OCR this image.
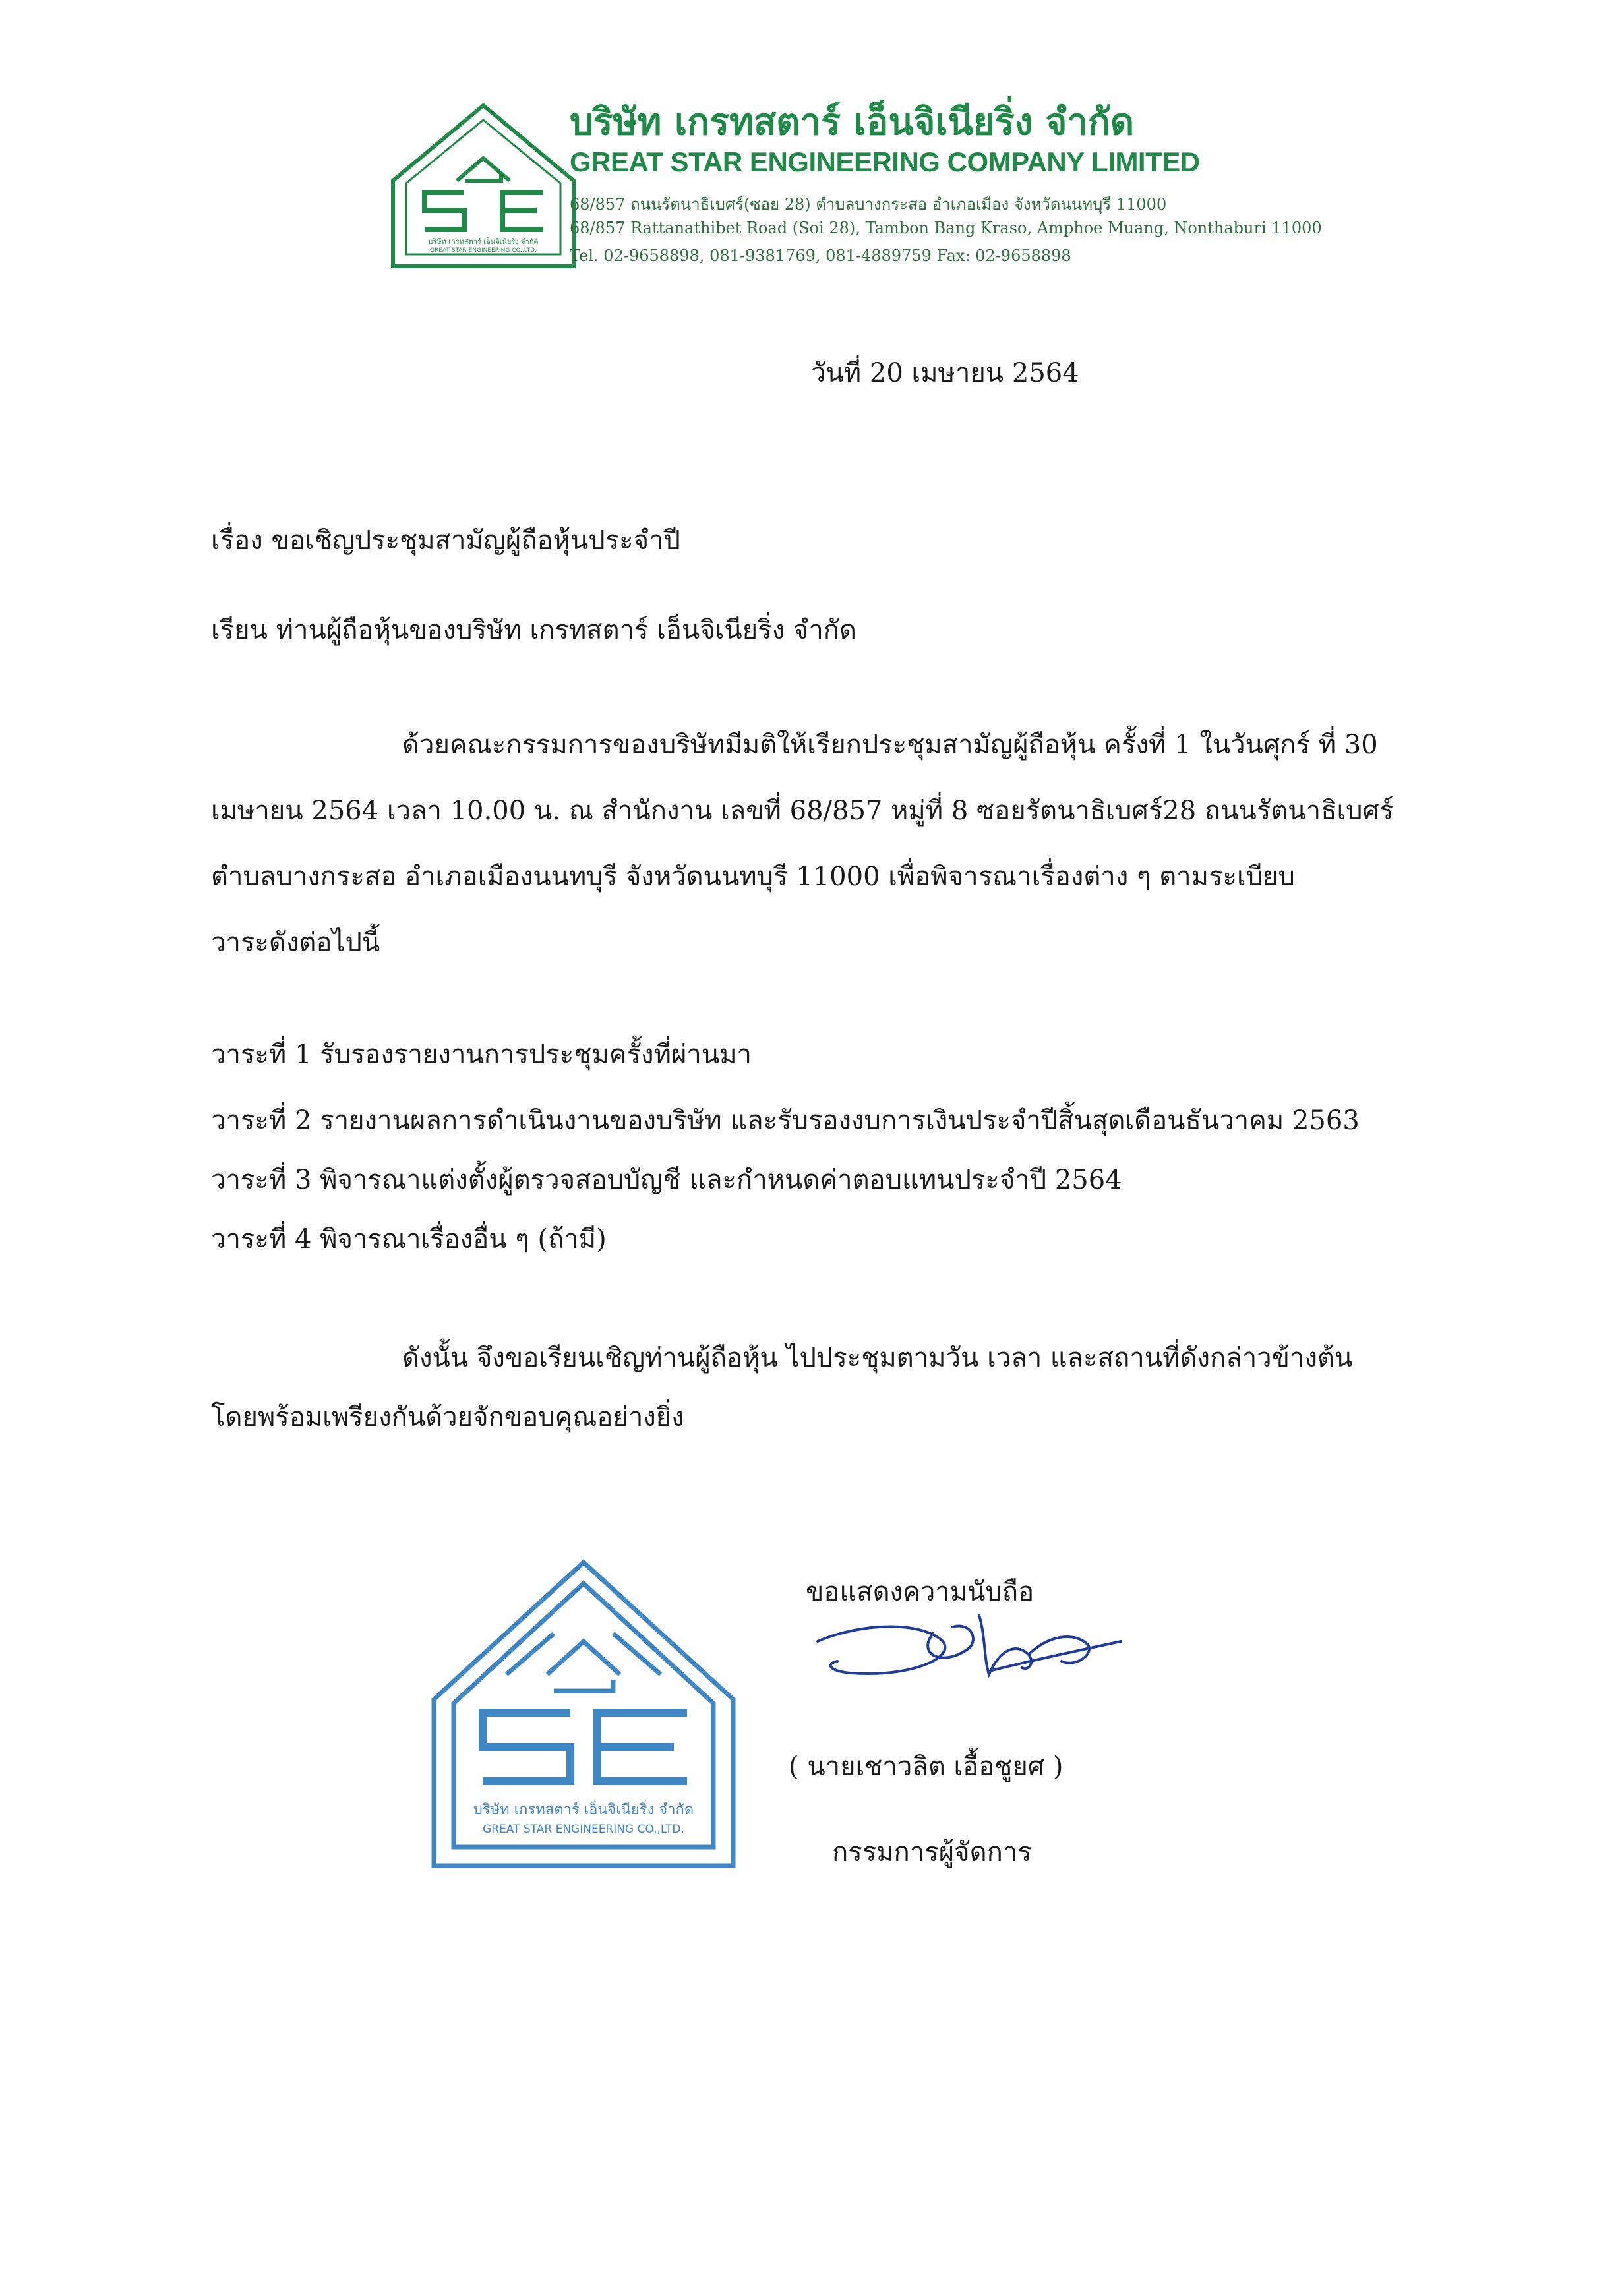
บริษัท เกรทสตาร์ เอ็นจิเนียริ่ง จำกัด
GREAT STAR ENGINEERING CO.,LTD.
บริษัท เกรทสตาร์ เอ็นจิเนียริ่ง จำกัด
GREAT STAR ENGINEERING COMPANY LIMITED
68/857 ถนนรัตนาธิเบศร์(ซอย 28) ตำบลบางกระสอ อำเภอเมือง จังหวัดนนทบุรี 11000
68/857 Rattanathibet Road (Soi 28), Tambon Bang Kraso, Amphoe Muang, Nonthaburi 11000
Tel. 02-9658898, 081-9381769, 081-4889759 Fax: 02-9658898
วันที่ 20 เมษายน 2564
เรื่อง ขอเชิญประชุมสามัญผู้ถือหุ้นประจำปี
เรียน ท่านผู้ถือหุ้นของบริษัท เกรทสตาร์ เอ็นจิเนียริ่ง จำกัด
ด้วยคณะกรรมการของบริษัทมีมติให้เรียกประชุมสามัญผู้ถือหุ้น ครั้งที่ 1 ในวันศุกร์ ที่ 30
เมษายน 2564 เวลา 10.00 น. ณ สำนักงาน เลขที่ 68/857 หมู่ที่ 8 ซอยรัตนาธิเบศร์28 ถนนรัตนาธิเบศร์
ตำบลบางกระสอ อำเภอเมืองนนทบุรี จังหวัดนนทบุรี 11000 เพื่อพิจารณาเรื่องต่าง ๆ ตามระเบียบ
วาระดังต่อไปนี้
วาระที่ 1 รับรองรายงานการประชุมครั้งที่ผ่านมา
วาระที่ 2 รายงานผลการดำเนินงานของบริษัท และรับรองงบการเงินประจำปีสิ้นสุดเดือนธันวาคม 2563
วาระที่ 3 พิจารณาแต่งตั้งผู้ตรวจสอบบัญชี และกำหนดค่าตอบแทนประจำปี 2564
วาระที่ 4 พิจารณาเรื่องอื่น ๆ (ถ้ามี)
ดังนั้น จึงขอเรียนเชิญท่านผู้ถือหุ้น ไปประชุมตามวัน เวลา และสถานที่ดังกล่าวข้างต้น
โดยพร้อมเพรียงกันด้วยจักขอบคุณอย่างยิ่ง
บริษัท เกรทสตาร์ เอ็นจิเนียริ่ง จำกัด
GREAT STAR ENGINEERING CO.,LTD.
ขอแสดงความนับถือ
( นายเชาวลิต เอื้อชูยศ )
กรรมการผู้จัดการ
